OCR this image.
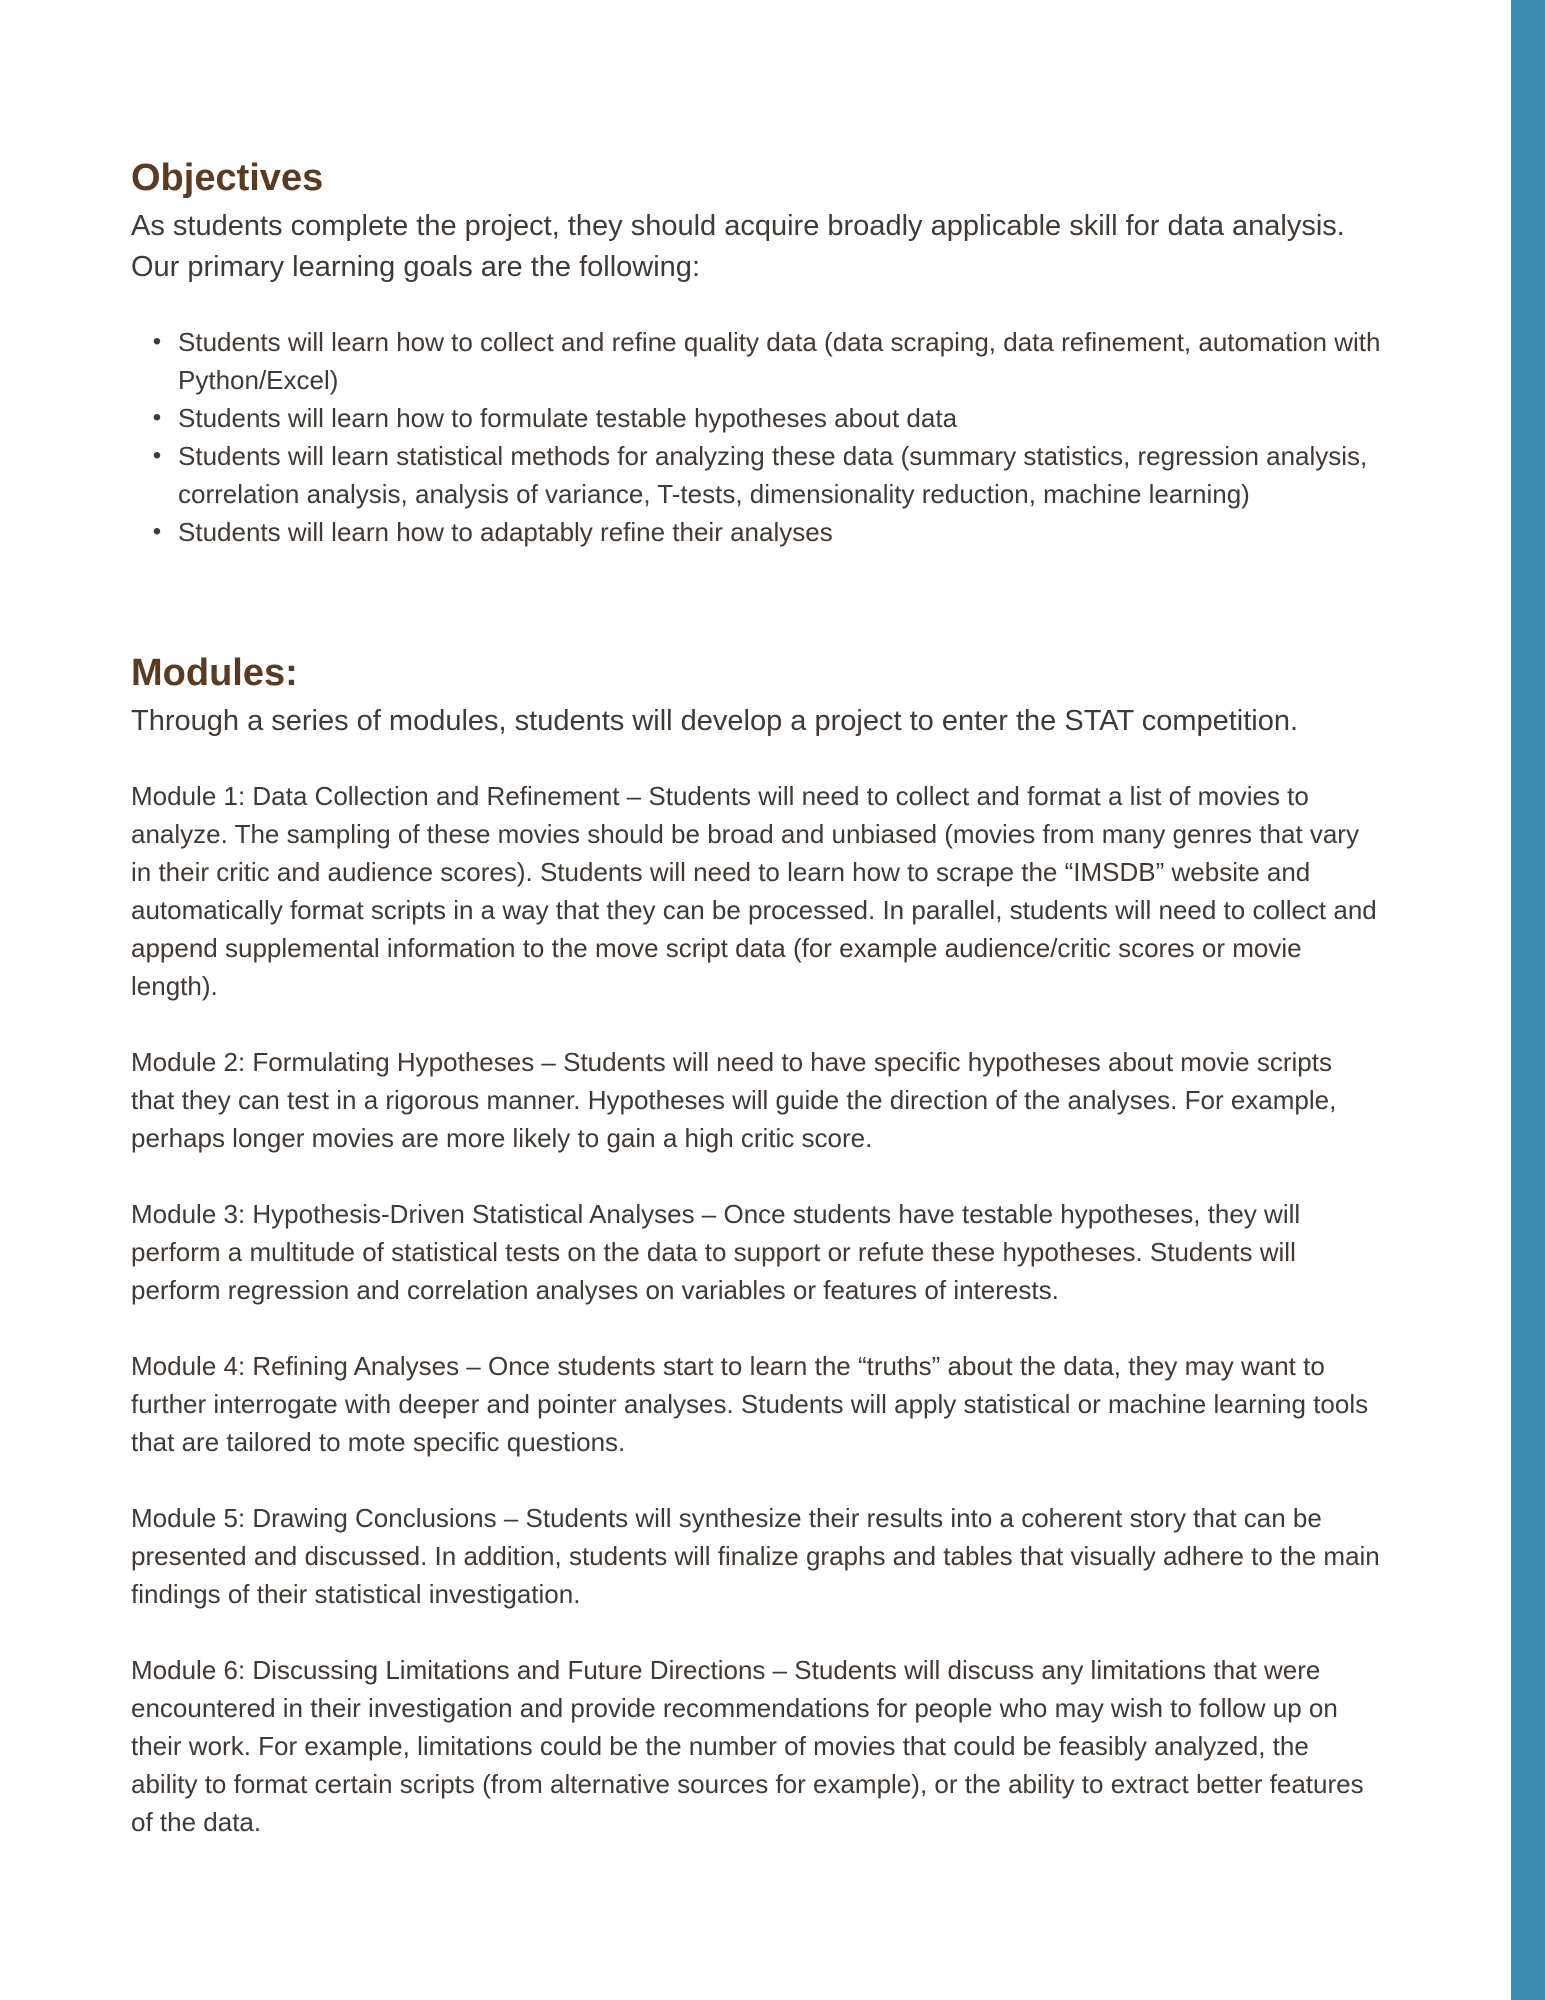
Objectives

As students complete the project, they should acquire broadly applicable skill for data analysis. Our primary learning goals are the following:

• Students will learn how to collect and refine quality data (data scraping, data refinement, automation with Python/Excel)
• Students will learn how to formulate testable hypotheses about data
• Students will learn statistical methods for analyzing these data (summary statistics, regression analysis, correlation analysis, analysis of variance, T-tests, dimensionality reduction, machine learning)
• Students will learn how to adaptably refine their analyses
Modules:

Through a series of modules, students will develop a project to enter the STAT competition.

Module 1: Data Collection and Refinement – Students will need to collect and format a list of movies to analyze. The sampling of these movies should be broad and unbiased (movies from many genres that vary in their critic and audience scores). Students will need to learn how to scrape the “IMSDB” website and automatically format scripts in a way that they can be processed. In parallel, students will need to collect and append supplemental information to the move script data (for example audience/critic scores or movie length).

Module 2: Formulating Hypotheses – Students will need to have specific hypotheses about movie scripts that they can test in a rigorous manner. Hypotheses will guide the direction of the analyses. For example, perhaps longer movies are more likely to gain a high critic score.

Module 3: Hypothesis-Driven Statistical Analyses – Once students have testable hypotheses, they will perform a multitude of statistical tests on the data to support or refute these hypotheses. Students will perform regression and correlation analyses on variables or features of interests.

Module 4: Refining Analyses – Once students start to learn the “truths” about the data, they may want to further interrogate with deeper and pointer analyses. Students will apply statistical or machine learning tools that are tailored to mote specific questions.

Module 5: Drawing Conclusions – Students will synthesize their results into a coherent story that can be presented and discussed. In addition, students will finalize graphs and tables that visually adhere to the main findings of their statistical investigation.

Module 6: Discussing Limitations and Future Directions – Students will discuss any limitations that were encountered in their investigation and provide recommendations for people who may wish to follow up on their work. For example, limitations could be the number of movies that could be feasibly analyzed, the ability to format certain scripts (from alternative sources for example), or the ability to extract better features of the data.
